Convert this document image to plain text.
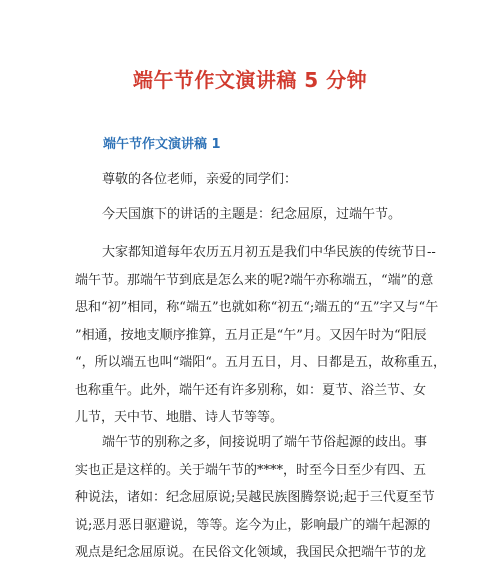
端午节作文演讲稿 5 分钟
端午节作文演讲稿 1

尊敬的各位老师，亲爱的同学们：

今天国旗下的讲话的主题是：纪念屈原，过端午节。

大家都知道每年农历五月初五是我们中华民族的传统节日--
端午节。那端午节到底是怎么来的呢?端午亦称端五，“端”的意
思和“初”相同，称“端五”也就如称“初五“;端五的“五”字又与“午
”相通，按地支顺序推算，五月正是“午”月。又因午时为“阳辰
“，所以端五也叫“端阳“。五月五日，月、日都是五，故称重五，
也称重午。此外，端午还有许多别称，如：夏节、浴兰节、女
儿节，天中节、地腊、诗人节等等。

端午节的别称之多，间接说明了端午节俗起源的歧出。事
实也正是这样的。关于端午节的****，时至今日至少有四、五
种说法，诸如：纪念屈原说;吴越民族图腾祭说;起于三代夏至节
说;恶月恶日驱避说，等等。迄今为止，影响最广的端午起源的
观点是纪念屈原说。在民俗文化领域，我国民众把端午节的龙
